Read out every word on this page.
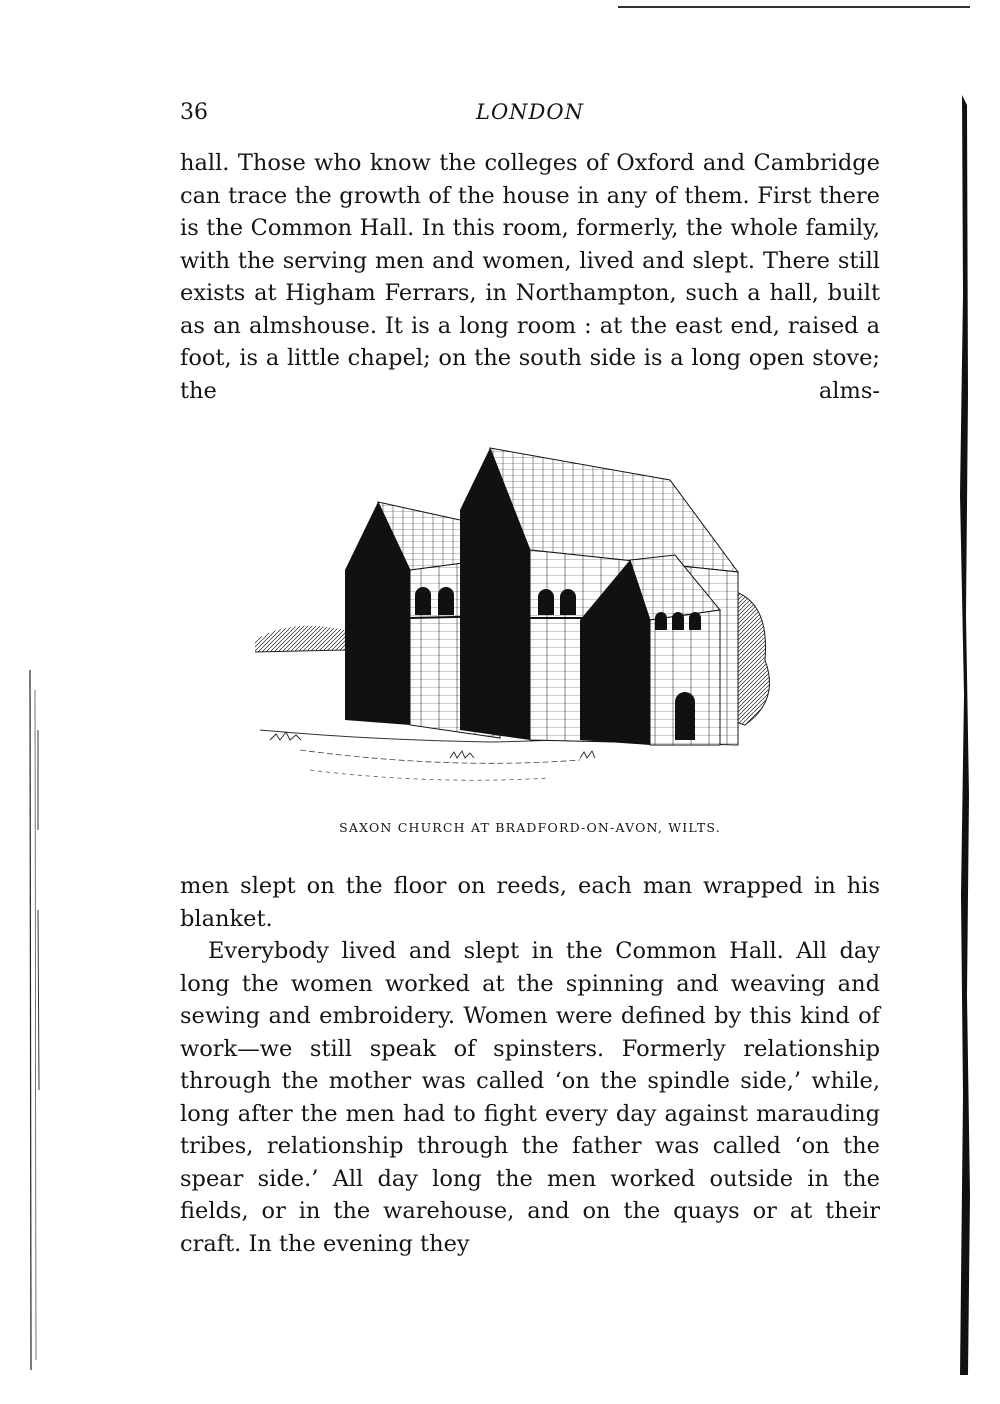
36	LONDON

hall. Those who know the colleges of Oxford and Cambridge can trace the growth of the house in any of them. First there is the Common Hall. In this room, formerly, the whole family, with the serving men and women, lived and slept. There still exists at Higham Ferrars, in Northampton, such a hall, built as an almshouse. It is a long room : at the east end, raised a foot, is a little chapel; on the south side is a long open stove; the alms-

SAXON CHURCH AT BRADFORD-ON-AVON, WILTS.

men slept on the floor on reeds, each man wrapped in his blanket.

Everybody lived and slept in the Common Hall. All day long the women worked at the spinning and weaving and sewing and embroidery. Women were defined by this kind of work—we still speak of spinsters. Formerly relationship through the mother was called ‘on the spindle side,’ while, long after the men had to fight every day against marauding tribes, relationship through the father was called ‘on the spear side.’ All day long the men worked outside in the fields, or in the warehouse, and on the quays or at their craft. In the evening they
